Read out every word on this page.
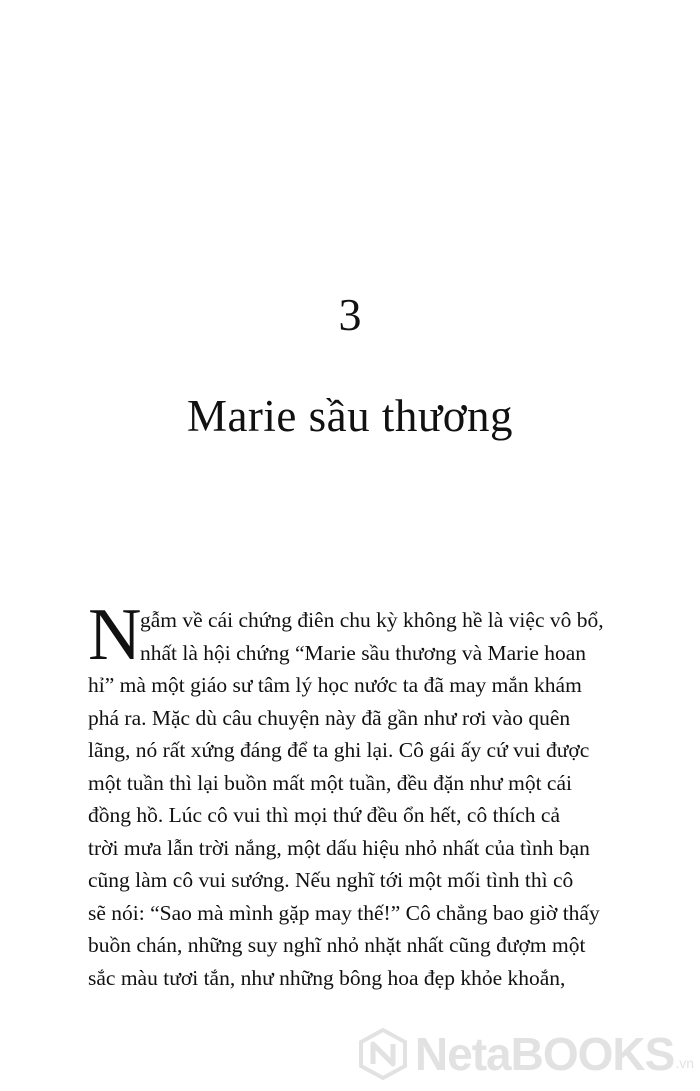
3
Marie sầu thương
N
gẫm về cái chứng điên chu kỳ không hề là việc vô bổ,
nhất là hội chứng “Marie sầu thương và Marie hoan
hỉ” mà một giáo sư tâm lý học nước ta đã may mắn khám
phá ra. Mặc dù câu chuyện này đã gần như rơi vào quên
lãng, nó rất xứng đáng để ta ghi lại. Cô gái ấy cứ vui được
một tuần thì lại buồn mất một tuần, đều đặn như một cái
đồng hồ. Lúc cô vui thì mọi thứ đều ổn hết, cô thích cả
trời mưa lẫn trời nắng, một dấu hiệu nhỏ nhất của tình bạn
cũng làm cô vui sướng. Nếu nghĩ tới một mối tình thì cô
sẽ nói: “Sao mà mình gặp may thế!” Cô chẳng bao giờ thấy
buồn chán, những suy nghĩ nhỏ nhặt nhất cũng đượm một
sắc màu tươi tắn, như những bông hoa đẹp khỏe khoắn,
NetaBOOKS .vn
